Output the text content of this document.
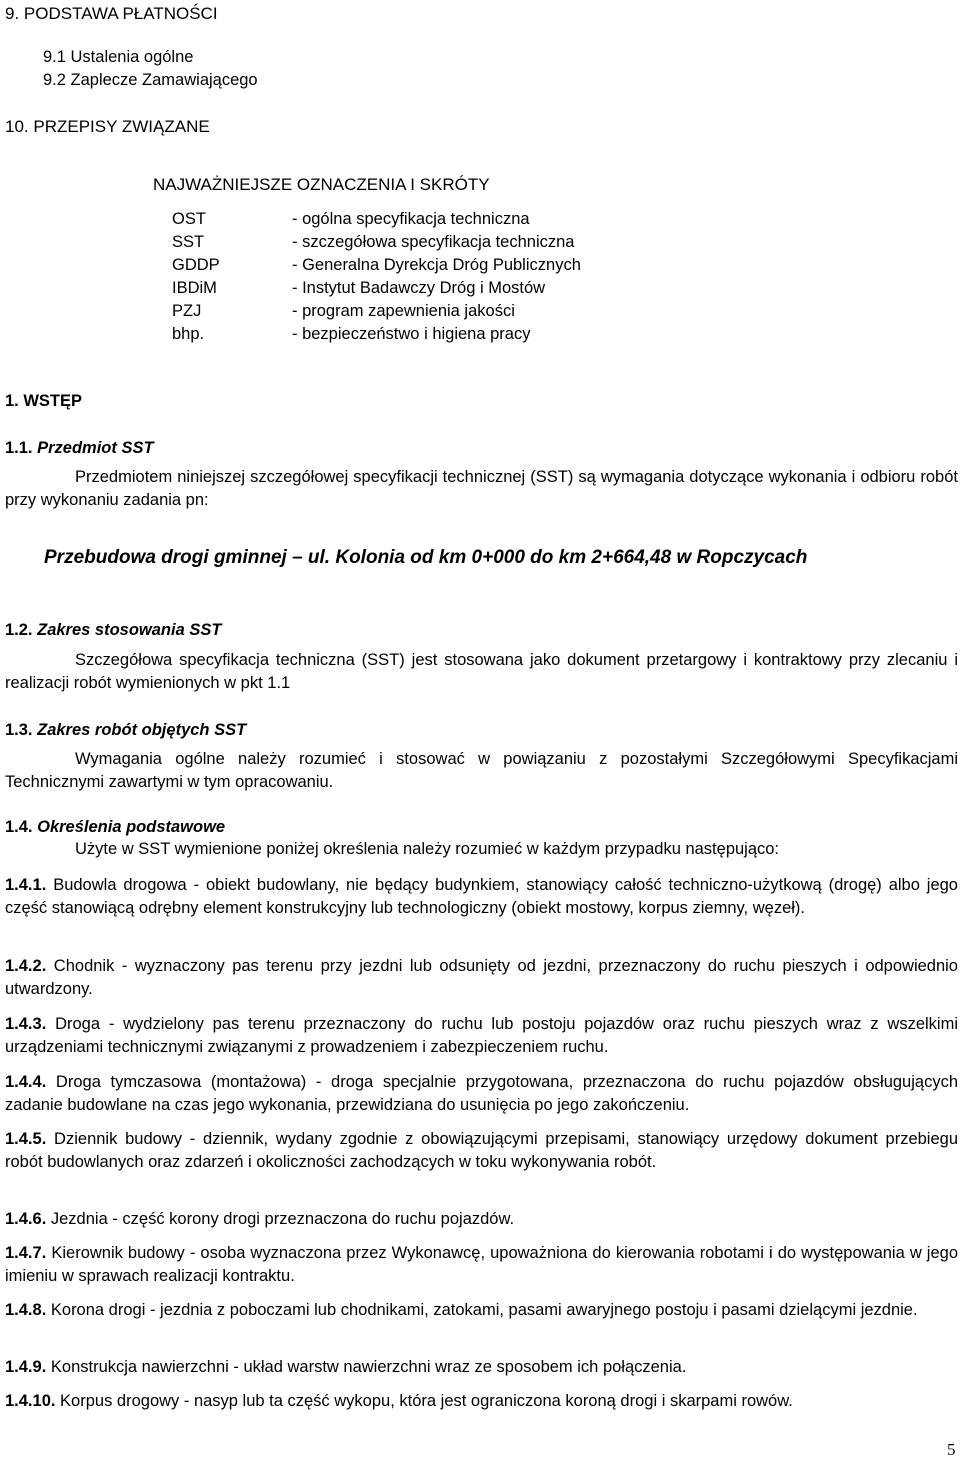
9. PODSTAWA PŁATNOŚCI
9.1 Ustalenia ogólne
9.2 Zaplecze Zamawiającego
10. PRZEPISY ZWIĄZANE
NAJWAŻNIEJSZE OZNACZENIA I SKRÓTY
OST	- ogólna specyfikacja techniczna
SST	- szczegółowa specyfikacja techniczna
GDDP	- Generalna Dyrekcja Dróg Publicznych
IBDiM	- Instytut Badawczy Dróg i Mostów
PZJ	- program zapewnienia jakości
bhp.	- bezpieczeństwo i higiena pracy
1. WSTĘP
1.1. Przedmiot SST
Przedmiotem niniejszej szczegółowej specyfikacji technicznej (SST) są wymagania dotyczące wykonania i odbioru robót przy wykonaniu zadania pn:
Przebudowa drogi gminnej – ul. Kolonia od km 0+000 do km 2+664,48 w Ropczycach
1.2. Zakres stosowania SST
Szczegółowa specyfikacja techniczna (SST) jest stosowana jako dokument przetargowy i kontraktowy przy zlecaniu i realizacji robót wymienionych w pkt 1.1
1.3. Zakres robót objętych SST
Wymagania ogólne należy rozumieć i stosować w powiązaniu z pozostałymi Szczegółowymi Specyfikacjami Technicznymi zawartymi w tym opracowaniu.
1.4. Określenia podstawowe
Użyte w SST wymienione poniżej określenia należy rozumieć w każdym przypadku następująco:
1.4.1. Budowla drogowa - obiekt budowlany, nie będący budynkiem, stanowiący całość techniczno-użytkową (drogę) albo jego część stanowiącą odrębny element konstrukcyjny lub technologiczny (obiekt mostowy, korpus ziemny, węzeł).
1.4.2. Chodnik - wyznaczony pas terenu przy jezdni lub odsunięty od jezdni, przeznaczony do ruchu pieszych i odpowiednio utwardzony.
1.4.3. Droga - wydzielony pas terenu przeznaczony do ruchu lub postoju pojazdów oraz ruchu pieszych wraz z wszelkimi urządzeniami technicznymi związanymi z prowadzeniem i zabezpieczeniem ruchu.
1.4.4. Droga tymczasowa (montażowa) - droga specjalnie przygotowana, przeznaczona do ruchu pojazdów obsługujących zadanie budowlane na czas jego wykonania, przewidziana do usunięcia po jego zakończeniu.
1.4.5. Dziennik budowy - dziennik, wydany zgodnie z obowiązującymi przepisami, stanowiący urzędowy dokument przebiegu robót budowlanych oraz zdarzeń i okoliczności zachodzących w toku wykonywania robót.
1.4.6. Jezdnia - część korony drogi przeznaczona do ruchu pojazdów.
1.4.7. Kierownik budowy - osoba wyznaczona przez Wykonawcę, upoważniona do kierowania robotami i do występowania w jego imieniu w sprawach realizacji kontraktu.
1.4.8. Korona drogi - jezdnia z poboczami lub chodnikami, zatokami, pasami awaryjnego postoju i pasami dzielącymi jezdnie.
1.4.9. Konstrukcja nawierzchni - układ warstw nawierzchni wraz ze sposobem ich połączenia.
1.4.10. Korpus drogowy - nasyp lub ta część wykopu, która jest ograniczona koroną drogi i skarpami rowów.
5
